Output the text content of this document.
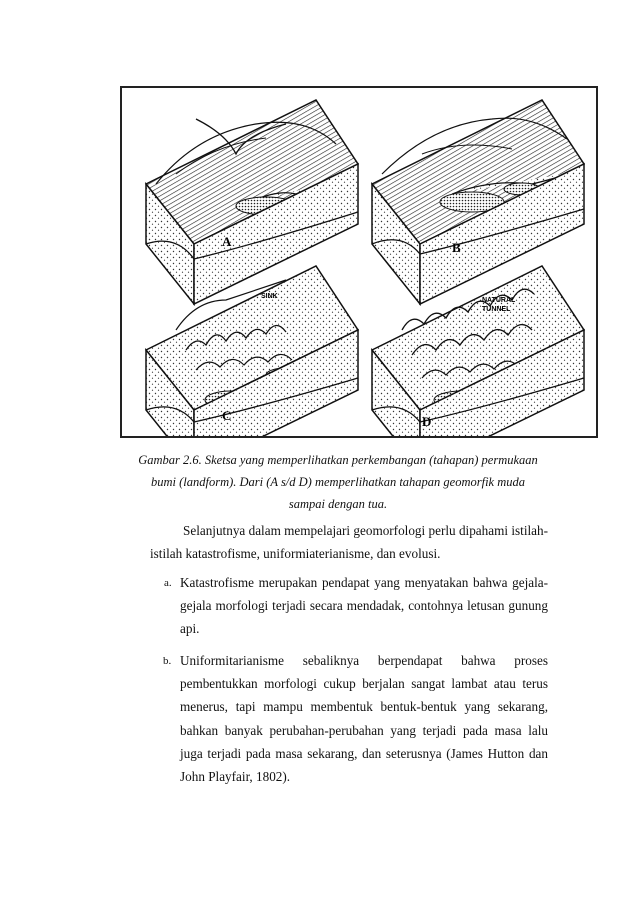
A	B
SINK
C
NATURAL
TUNNEL
D
Gambar 2.6. Sketsa yang memperlihatkan perkembangan (tahapan) permukaan
bumi (landform). Dari (A s/d D) memperlihatkan tahapan geomorfik muda
sampai dengan tua.
Selanjutnya dalam mempelajari geomorfologi perlu dipahami istilah-istilah katastrofisme, uniformiaterianisme, dan evolusi.
a. Katastrofisme merupakan pendapat yang menyatakan bahwa gejala-gejala morfologi terjadi secara mendadak, contohnya letusan gunung api.
b. Uniformitarianisme sebaliknya berpendapat bahwa proses pembentukkan morfologi cukup berjalan sangat lambat atau terus menerus, tapi mampu membentuk bentuk-bentuk yang sekarang, bahkan banyak perubahan-perubahan yang terjadi pada masa lalu juga terjadi pada masa sekarang, dan seterusnya (James Hutton dan John Playfair, 1802).
